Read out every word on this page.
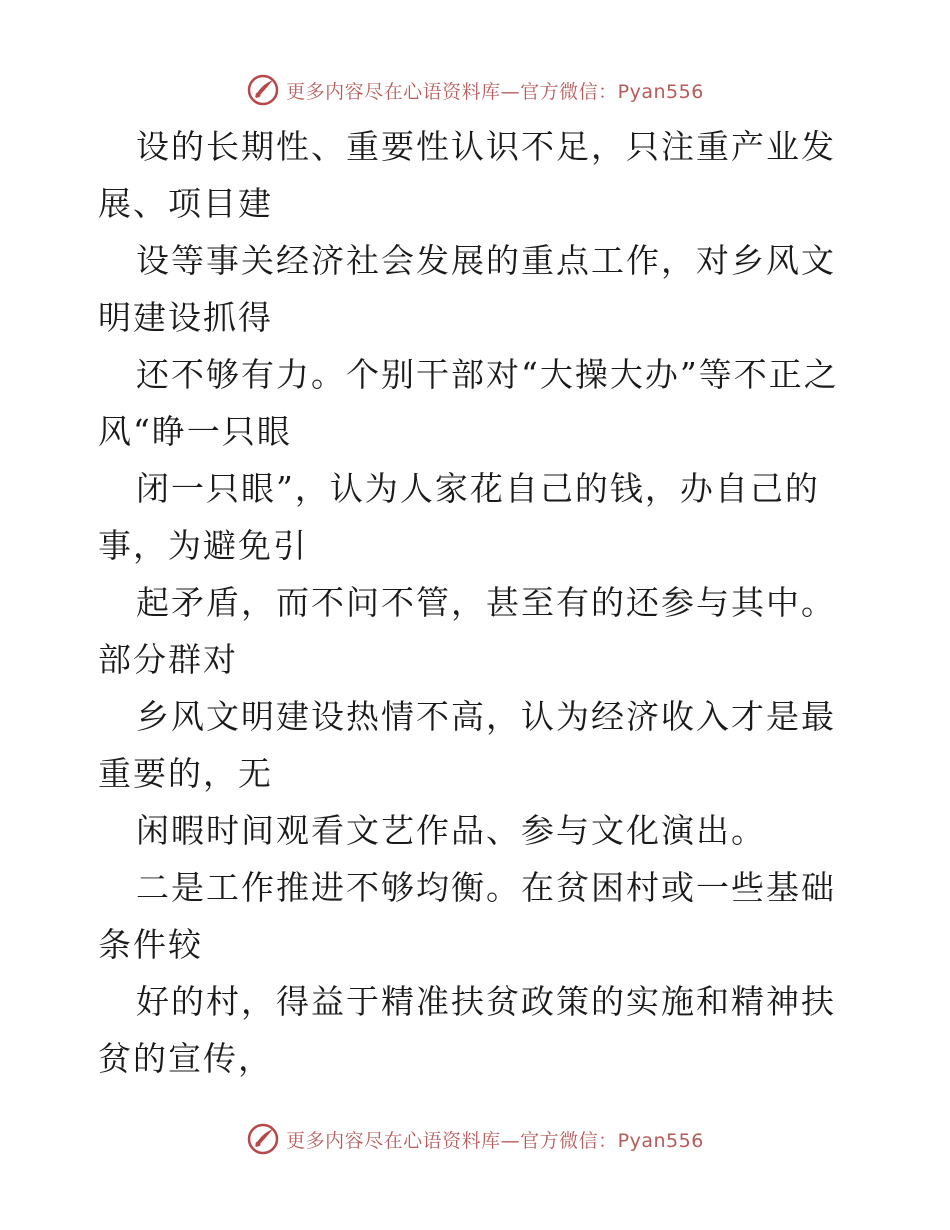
更多内容尽在心语资料库—官方微信：Pyan556

设的长期性、重要性认识不足，只注重产业发展、项目建

设等事关经济社会发展的重点工作，对乡风文明建设抓得

还不够有力。个别干部对“大操大办”等不正之风“睁一只眼

闭一只眼”，认为人家花自己的钱，办自己的事，为避免引

起矛盾，而不问不管，甚至有的还参与其中。部分群对

乡风文明建设热情不高，认为经济收入才是最重要的，无

闲暇时间观看文艺作品、参与文化演出。

二是工作推进不够均衡。在贫困村或一些基础条件较

好的村，得益于精准扶贫政策的实施和精神扶贫的宣传，

更多内容尽在心语资料库—官方微信：Pyan556
